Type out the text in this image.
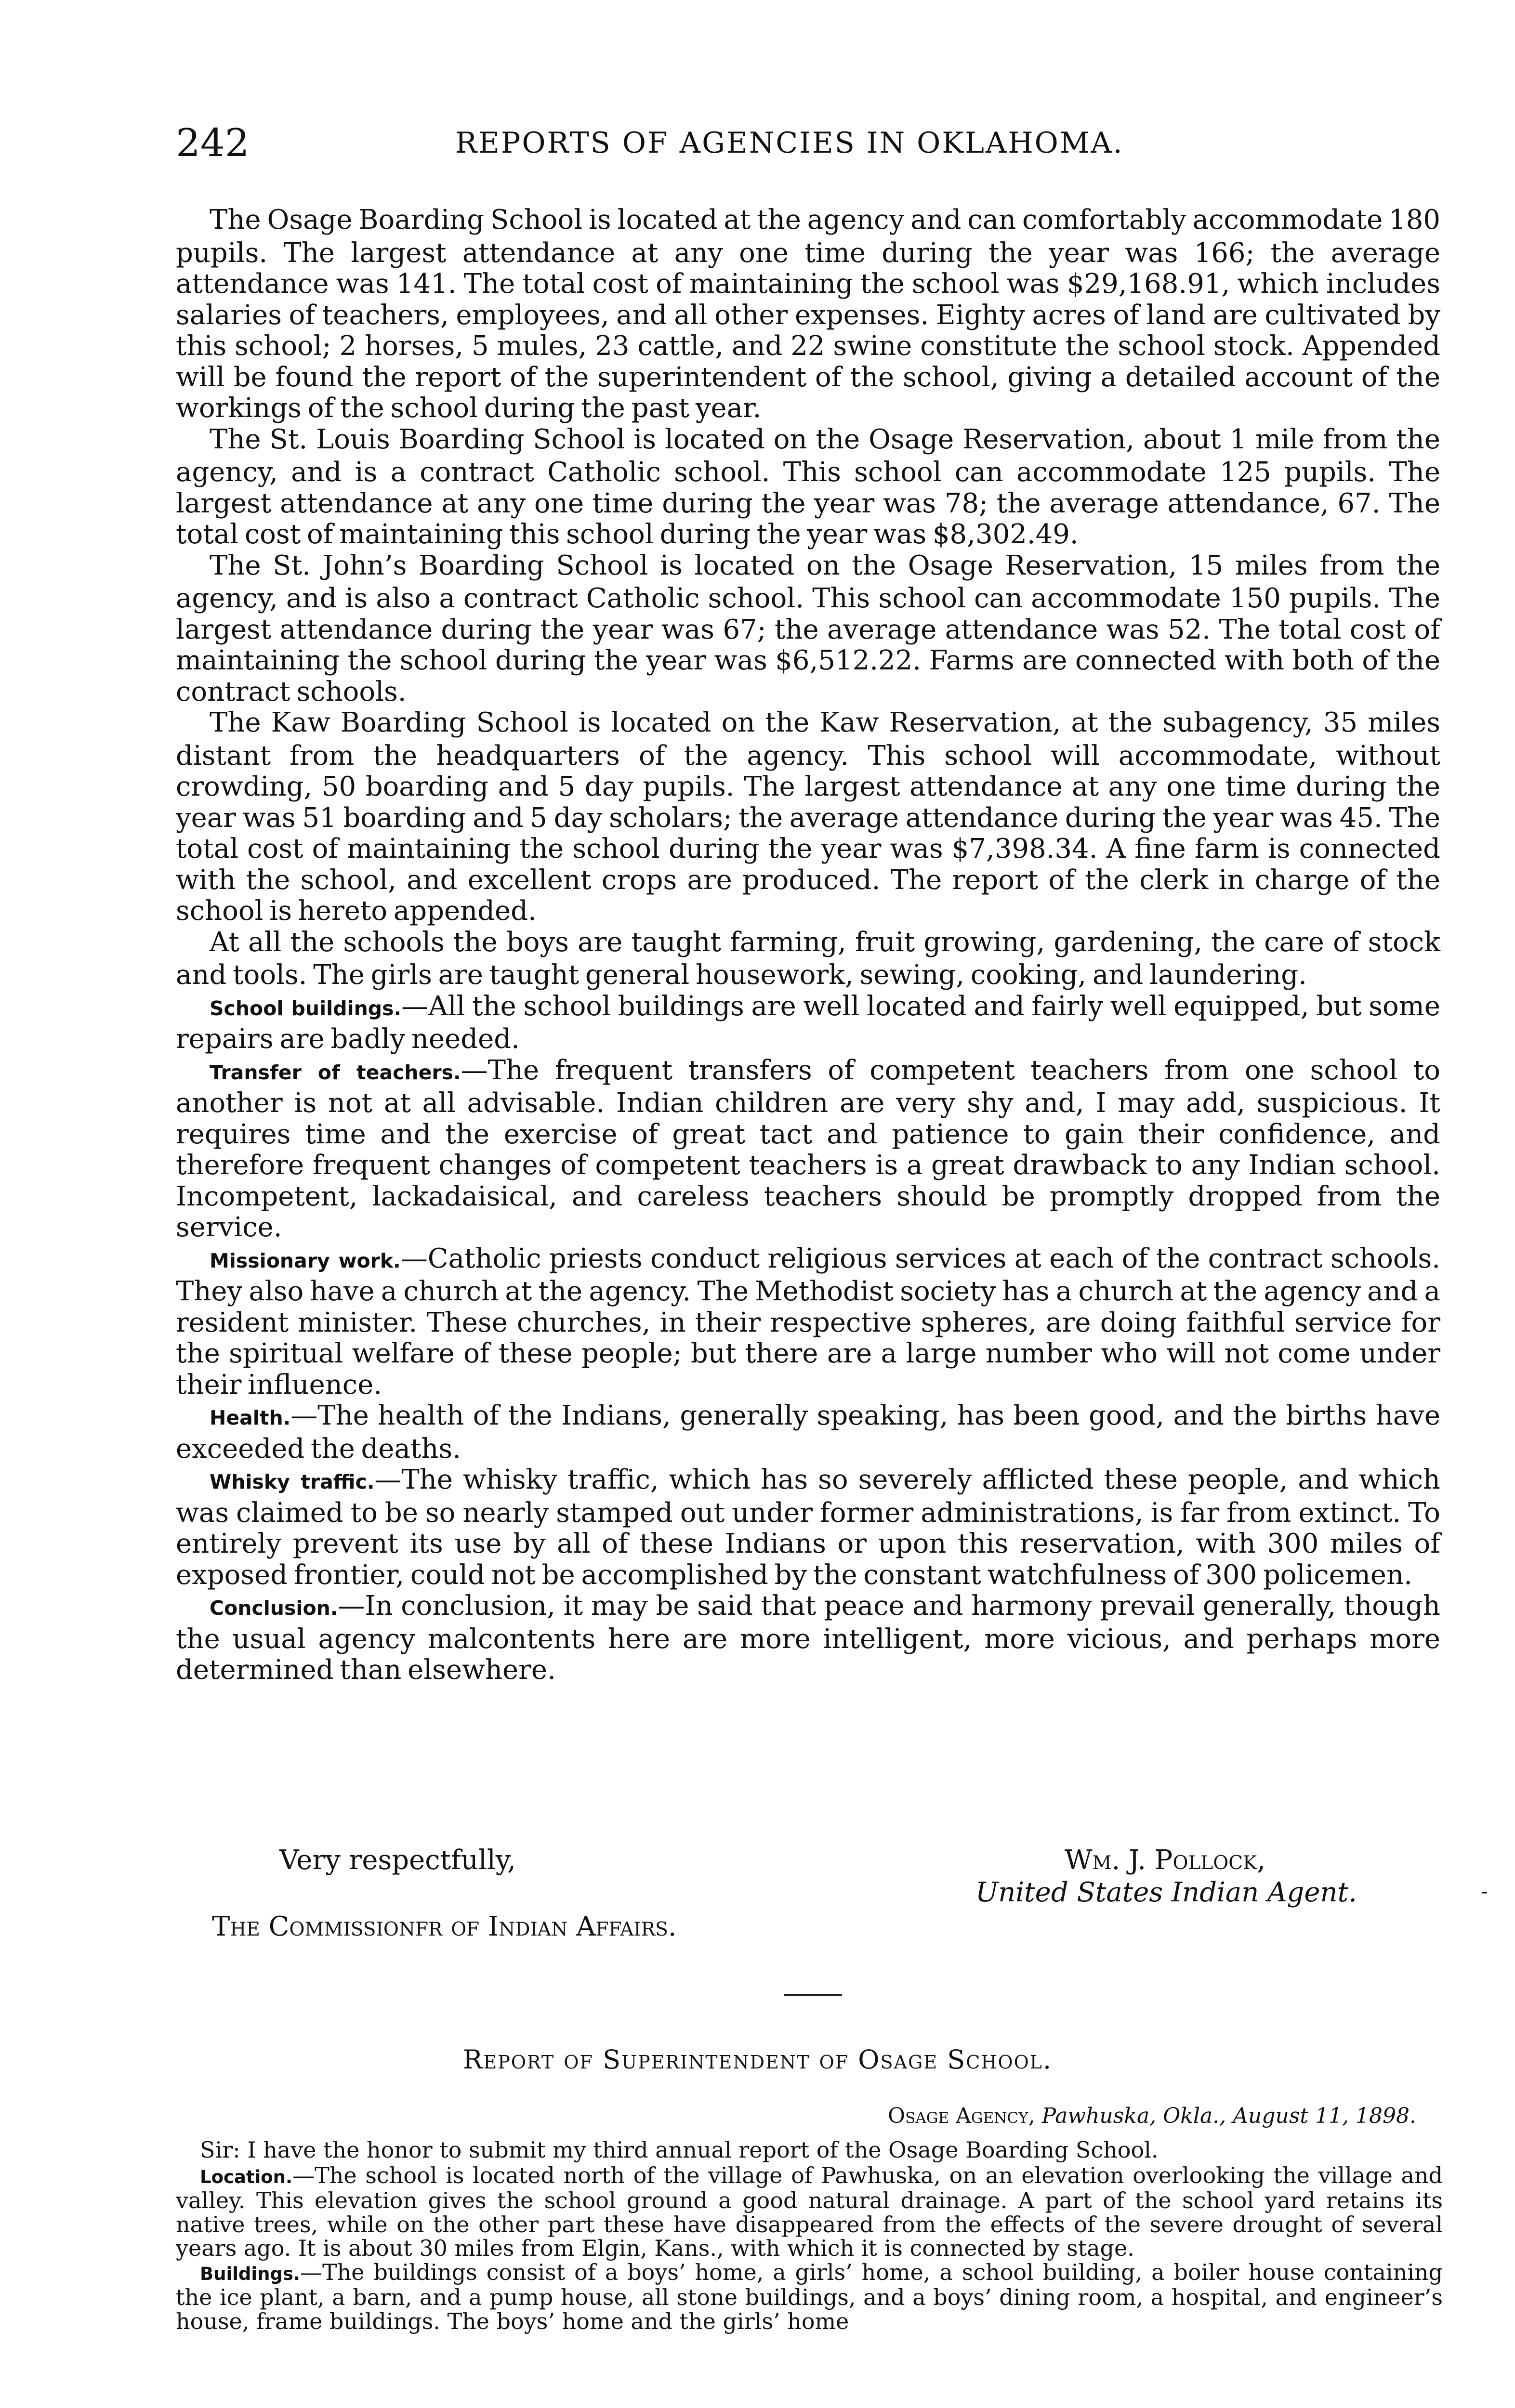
242	REPORTS OF AGENCIES IN OKLAHOMA.

The Osage Boarding School is located at the agency and can comfortably accommodate 180 pupils. The largest attendance at any one time during the year was 166; the average attendance was 141. The total cost of maintaining the school was $29,168.91, which includes salaries of teachers, employees, and all other expenses. Eighty acres of land are cultivated by this school; 2 horses, 5 mules, 23 cattle, and 22 swine constitute the school stock. Appended will be found the report of the superintendent of the school, giving a detailed account of the workings of the school during the past year.

The St. Louis Boarding School is located on the Osage Reservation, about 1 mile from the agency, and is a contract Catholic school. This school can accommodate 125 pupils. The largest attendance at any one time during the year was 78; the average attendance, 67. The total cost of maintaining this school during the year was $8,302.49.

The St. John’s Boarding School is located on the Osage Reservation, 15 miles from the agency, and is also a contract Catholic school. This school can accommodate 150 pupils. The largest attendance during the year was 67; the average attendance was 52. The total cost of maintaining the school during the year was $6,512.22. Farms are connected with both of the contract schools.

The Kaw Boarding School is located on the Kaw Reservation, at the subagency, 35 miles distant from the headquarters of the agency. This school will accommodate, without crowding, 50 boarding and 5 day pupils. The largest attendance at any one time during the year was 51 boarding and 5 day scholars; the average attendance during the year was 45. The total cost of maintaining the school during the year was $7,398.34. A fine farm is connected with the school, and excellent crops are produced. The report of the clerk in charge of the school is hereto appended.

At all the schools the boys are taught farming, fruit growing, gardening, the care of stock and tools. The girls are taught general housework, sewing, cooking, and laundering.

School buildings.—All the school buildings are well located and fairly well equipped, but some repairs are badly needed.

Transfer of teachers.—The frequent transfers of competent teachers from one school to another is not at all advisable. Indian children are very shy and, I may add, suspicious. It requires time and the exercise of great tact and patience to gain their confidence, and therefore frequent changes of competent teachers is a great drawback to any Indian school. Incompetent, lackadaisical, and careless teachers should be promptly dropped from the service.

Missionary work.—Catholic priests conduct religious services at each of the contract schools. They also have a church at the agency. The Methodist society has a church at the agency and a resident minister. These churches, in their respective spheres, are doing faithful service for the spiritual welfare of these people; but there are a large number who will not come under their influence.

Health.—The health of the Indians, generally speaking, has been good, and the births have exceeded the deaths.

Whisky traffic.—The whisky traffic, which has so severely afflicted these people, and which was claimed to be so nearly stamped out under former administrations, is far from extinct. To entirely prevent its use by all of these Indians or upon this reservation, with 300 miles of exposed frontier, could not be accomplished by the constant watchfulness of 300 policemen.

Conclusion.—In conclusion, it may be said that peace and harmony prevail generally, though the usual agency malcontents here are more intelligent, more vicious, and perhaps more determined than elsewhere.

Very respectfully,	Wm. J. Pollock,
United States Indian Agent.
The Commissionfr of Indian Affairs.
-
Report of Superintendent of Osage School.
Osage Agency, Pawhuska, Okla., August 11, 1898.

Sir: I have the honor to submit my third annual report of the Osage Boarding School.

Location.—The school is located north of the village of Pawhuska, on an elevation overlooking the village and valley. This elevation gives the school ground a good natural drainage. A part of the school yard retains its native trees, while on the other part these have disappeared from the effects of the severe drought of several years ago. It is about 30 miles from Elgin, Kans., with which it is connected by stage.

Buildings.—The buildings consist of a boys’ home, a girls’ home, a school building, a boiler house containing the ice plant, a barn, and a pump house, all stone buildings, and a boys’ dining room, a hospital, and engineer’s house, frame buildings. The boys’ home and the girls’ home
